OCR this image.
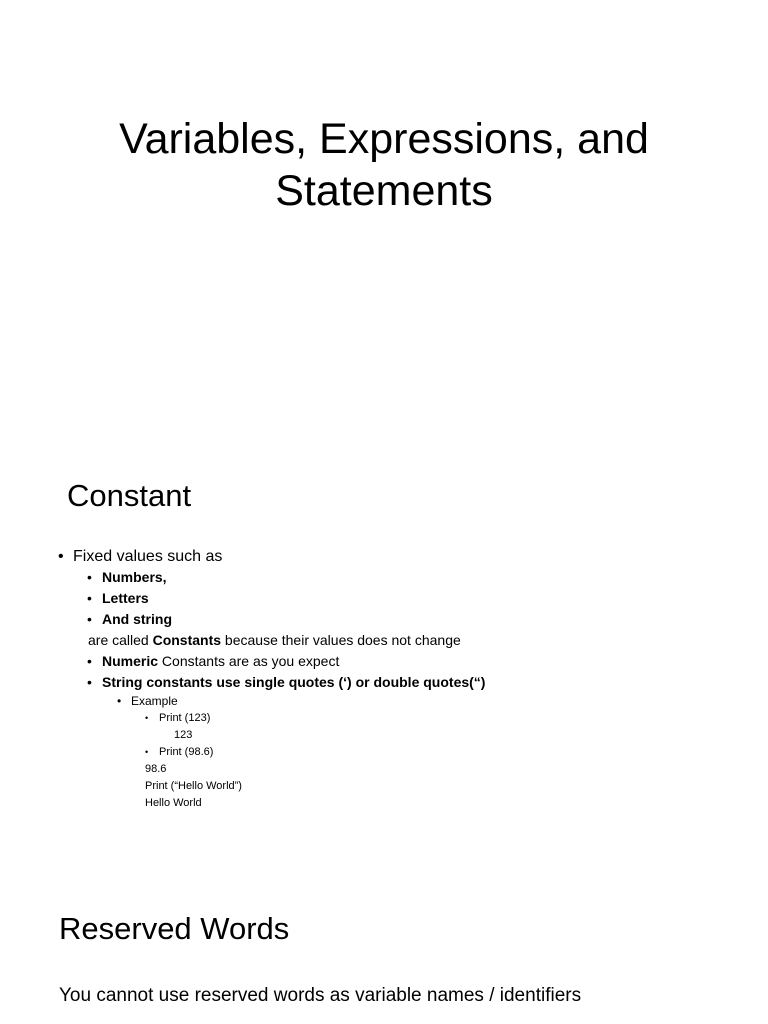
Variables, Expressions, and
Statements
Constant
• Fixed values such as
• Numbers,
• Letters
• And string
are called Constants because their values does not change
• Numeric Constants are as you expect
• String constants use single quotes (‘) or double quotes(“)
• Example
• Print (123)
123
• Print (98.6)
98.6
Print (“Hello World”)
Hello World
Reserved Words

You cannot use reserved words as variable names / identifiers
